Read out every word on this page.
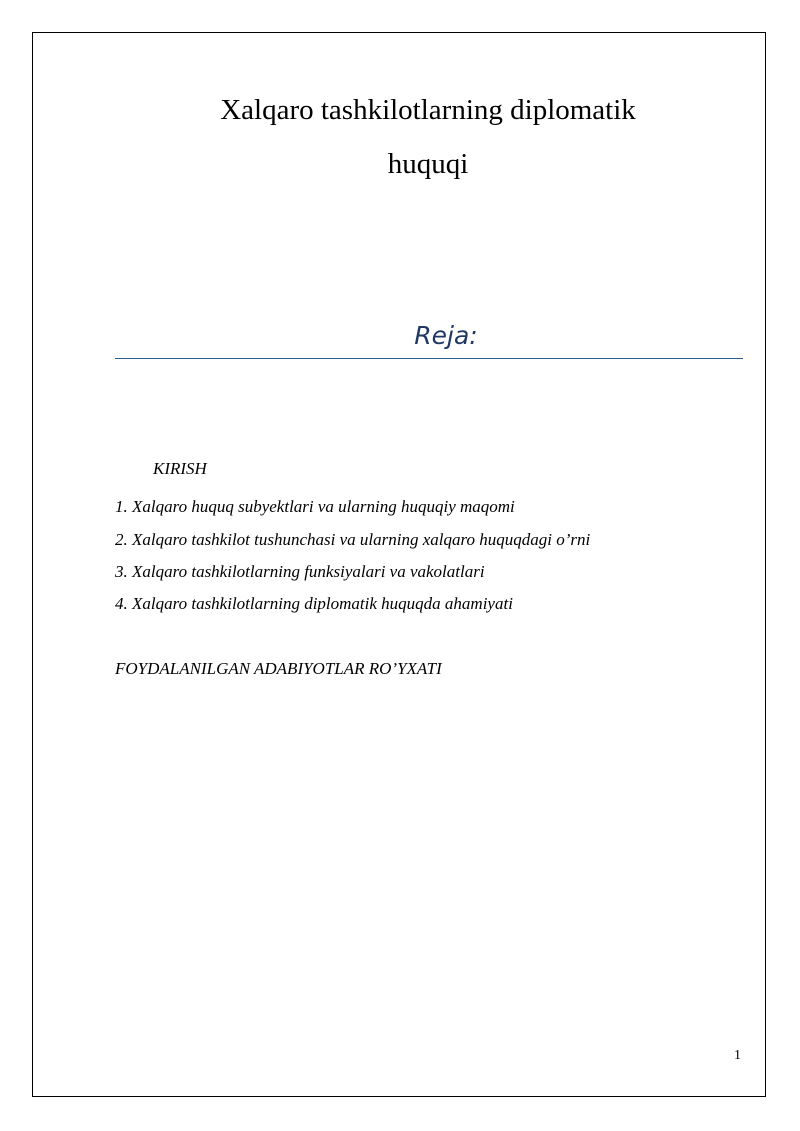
Xalqaro tashkilotlarning diplomatik
huquqi
Reja:
KIRISH
1. Xalqaro huquq subyektlari va ularning huquqiy maqomi
2. Xalqaro tashkilot tushunchasi va ularning xalqaro huquqdagi o’rni
3. Xalqaro tashkilotlarning funksiyalari va vakolatlari
4. Xalqaro tashkilotlarning diplomatik huquqda ahamiyati
FOYDALANILGAN ADABIYOTLAR RO’YXATI
1
